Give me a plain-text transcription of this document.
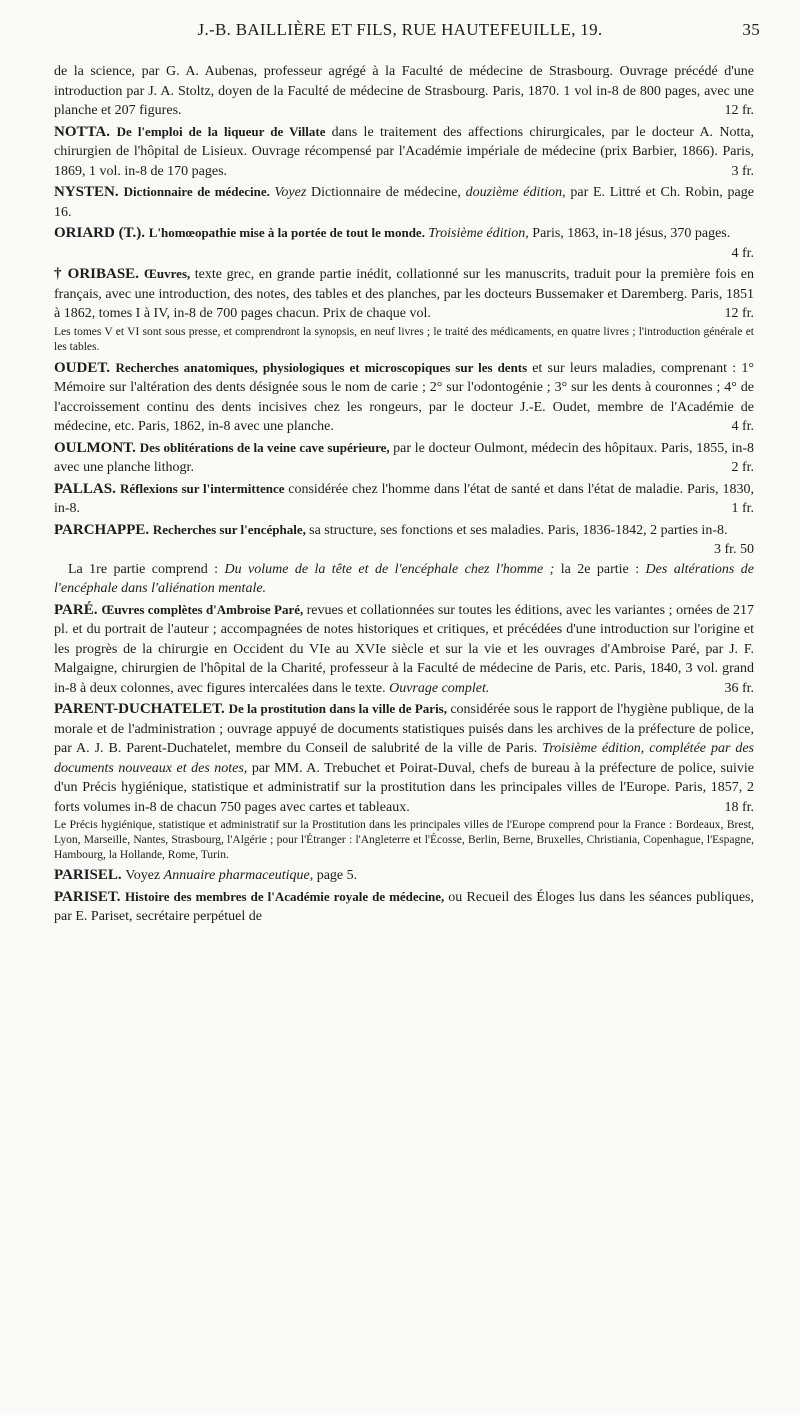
J.-B. BAILLIÈRE ET FILS, RUE HAUTEFEUILLE, 19.	35
de la science, par G. A. Aubenas, professeur agrégé à la Faculté de médecine de Strasbourg. Ouvrage précédé d'une introduction par J. A. Stoltz, doyen de la Faculté de médecine de Strasbourg. Paris, 1870. 1 vol in-8 de 800 pages, avec une planche et 207 figures.	12 fr.
NOTTA. De l'emploi de la liqueur de Villate dans le traitement des affections chirurgicales, par le docteur A. Notta, chirurgien de l'hôpital de Lisieux. Ouvrage récompensé par l'Académie impériale de médecine (prix Barbier, 1866). Paris, 1869, 1 vol. in-8 de 170 pages.	3 fr.
NYSTEN. Dictionnaire de médecine. Voyez Dictionnaire de médecine, douzième édition, par E. Littré et Ch. Robin, page 16.
ORIARD (T.). L'homœopathie mise à la portée de tout le monde. Troisième édition, Paris, 1863, in-18 jésus, 370 pages.
4 fr.
† ORIBASE. Œuvres, texte grec, en grande partie inédit, collationné sur les manuscrits, traduit pour la première fois en français, avec une introduction, des notes, des tables et des planches, par les docteurs Bussemaker et Daremberg. Paris, 1851 à 1862, tomes I à IV, in-8 de 700 pages chacun. Prix de chaque vol.	12 fr.
Les tomes V et VI sont sous presse, et comprendront la synopsis, en neuf livres ; le traité des médicaments, en quatre livres ; l'introduction générale et les tables.
OUDET. Recherches anatomiques, physiologiques et microscopiques sur les dents et sur leurs maladies, comprenant : 1° Mémoire sur l'altération des dents désignée sous le nom de carie ; 2° sur l'odontogénie ; 3° sur les dents à couronnes ; 4° de l'accroissement continu des dents incisives chez les rongeurs, par le docteur J.-E. Oudet, membre de l'Académie de médecine, etc. Paris, 1862, in-8 avec une planche.	4 fr.
OULMONT. Des oblitérations de la veine cave supérieure, par le docteur Oulmont, médecin des hôpitaux. Paris, 1855, in-8 avec une planche lithogr.	2 fr.
PALLAS. Réflexions sur l'intermittence considérée chez l'homme dans l'état de santé et dans l'état de maladie. Paris, 1830, in-8.	1 fr.
PARCHAPPE. Recherches sur l'encéphale, sa structure, ses fonctions et ses maladies. Paris, 1836-1842, 2 parties in-8.
3 fr. 50
La 1re partie comprend : Du volume de la tête et de l'encéphale chez l'homme ; la 2e partie : Des altérations de l'encéphale dans l'aliénation mentale.
PARÉ. Œuvres complètes d'Ambroise Paré, revues et collationnées sur toutes les éditions, avec les variantes ; ornées de 217 pl. et du portrait de l'auteur ; accompagnées de notes historiques et critiques, et précédées d'une introduction sur l'origine et les progrès de la chirurgie en Occident du VIe au XVIe siècle et sur la vie et les ouvrages d'Ambroise Paré, par J. F. Malgaigne, chirurgien de l'hôpital de la Charité, professeur à la Faculté de médecine de Paris, etc. Paris, 1840, 3 vol. grand in-8 à deux colonnes, avec figures intercalées dans le texte. Ouvrage complet.	36 fr.
PARENT-DUCHATELET. De la prostitution dans la ville de Paris, considérée sous le rapport de l'hygiène publique, de la morale et de l'administration ; ouvrage appuyé de documents statistiques puisés dans les archives de la préfecture de police, par A. J. B. Parent-Duchatelet, membre du Conseil de salubrité de la ville de Paris. Troisième édition, complétée par des documents nouveaux et des notes, par MM. A. Trebuchet et Poirat-Duval, chefs de bureau à la préfecture de police, suivie d'un Précis hygiénique, statistique et administratif sur la prostitution dans les principales villes de l'Europe. Paris, 1857, 2 forts volumes in-8 de chacun 750 pages avec cartes et tableaux.	18 fr.
Le Précis hygiénique, statistique et administratif sur la Prostitution dans les principales villes de l'Europe comprend pour la France : Bordeaux, Brest, Lyon, Marseille, Nantes, Strasbourg, l'Algérie ; pour l'Étranger : l'Angleterre et l'Écosse, Berlin, Berne, Bruxelles, Christiania, Copenhague, l'Espagne, Hambourg, la Hollande, Rome, Turin.
PARISEL. Voyez Annuaire pharmaceutique, page 5.
PARISET. Histoire des membres de l'Académie royale de médecine, ou Recueil des Éloges lus dans les séances publiques, par E. Pariset, secrétaire perpétuel de
